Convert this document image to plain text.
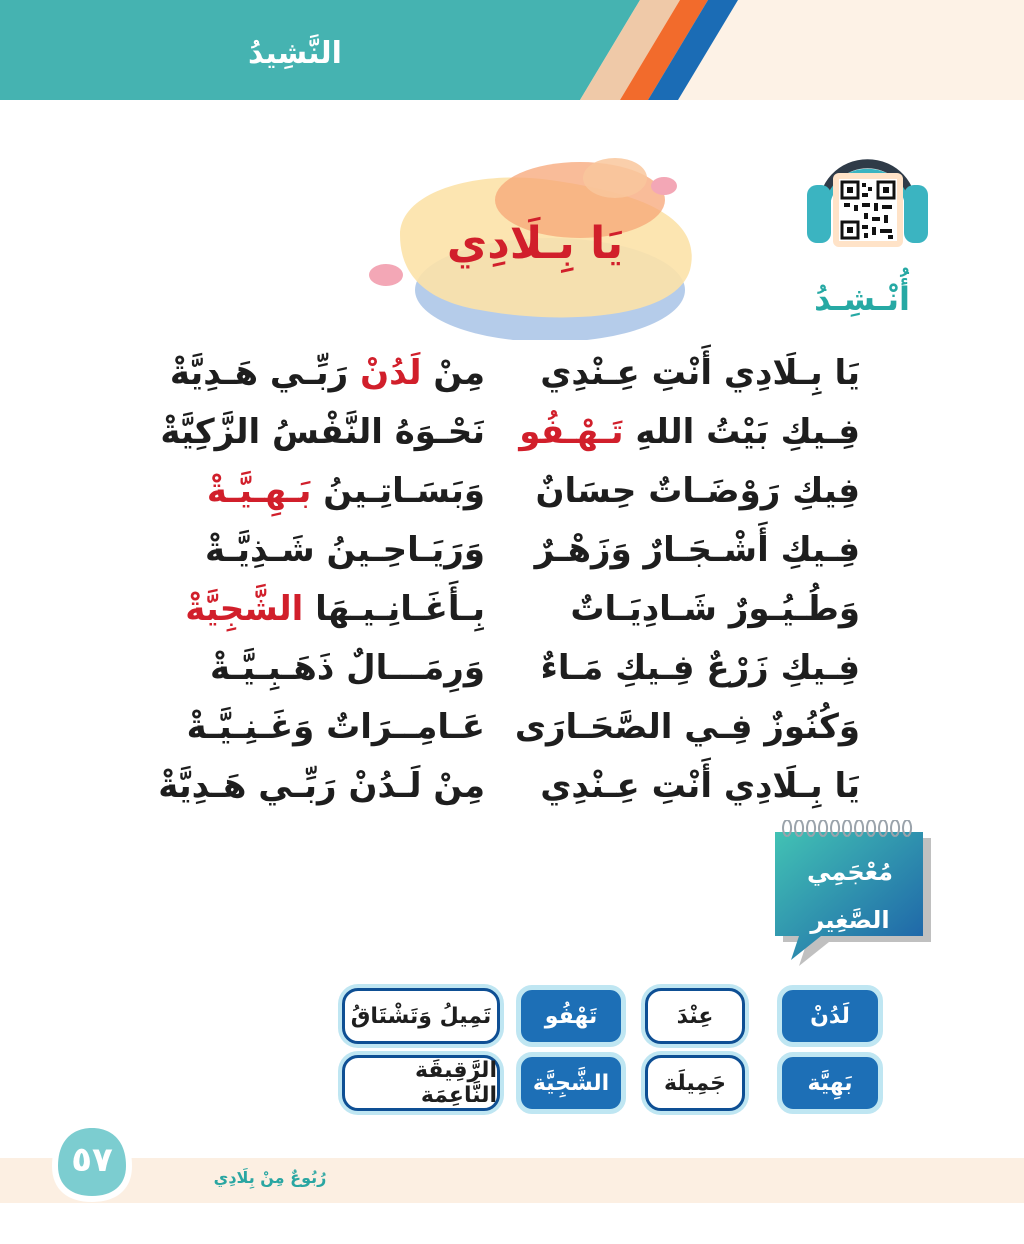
النَّشِيدُ
يَا بِـلَادِي
أُنْـشِـدُ
يَا بِـلَادِي أَنْتِ عِـنْدِي
مِنْ لَدُنْ رَبِّـي هَـدِيَّةْ
فِـيكِ بَيْتُ اللهِ تَـهْـفُو
نَحْـوَهُ النَّفْسُ الزَّكِيَّةْ
فِيكِ رَوْضَـاتٌ حِسَانٌ
وَبَسَـاتِـينُ بَـهِـيَّـةْ
فِـيكِ أَشْـجَـارٌ وَزَهْـرٌ
وَرَيَـاحِـينُ شَـذِيَّـةْ
وَطُـيُـورٌ شَـادِيَـاتٌ
بِـأَغَـانِـيـهَا الشَّجِيَّةْ
فِـيكِ زَرْعٌ فِـيكِ مَـاءٌ
وَرِمَـــالٌ ذَهَـبِـيَّـةْ
وَكُنُوزٌ فِـي الصَّحَـارَى
عَـامِــرَاتٌ وَغَـنِـيَّـةْ
يَا بِـلَادِي أَنْتِ عِـنْدِي
مِنْ لَـدُنْ رَبِّـي هَـدِيَّةْ
مُعْجَمِي
الصَّغِير
لَدُنْ
عِنْدَ
تَهْفُو
تَمِيلُ وَتَشْتَاقُ
بَهِيَّة
جَمِيلَة
الشَّجِيَّة
الرَّقِيقَة النَّاعِمَة
٥٧	رُبُوعٌ مِنْ بِلَادِي
